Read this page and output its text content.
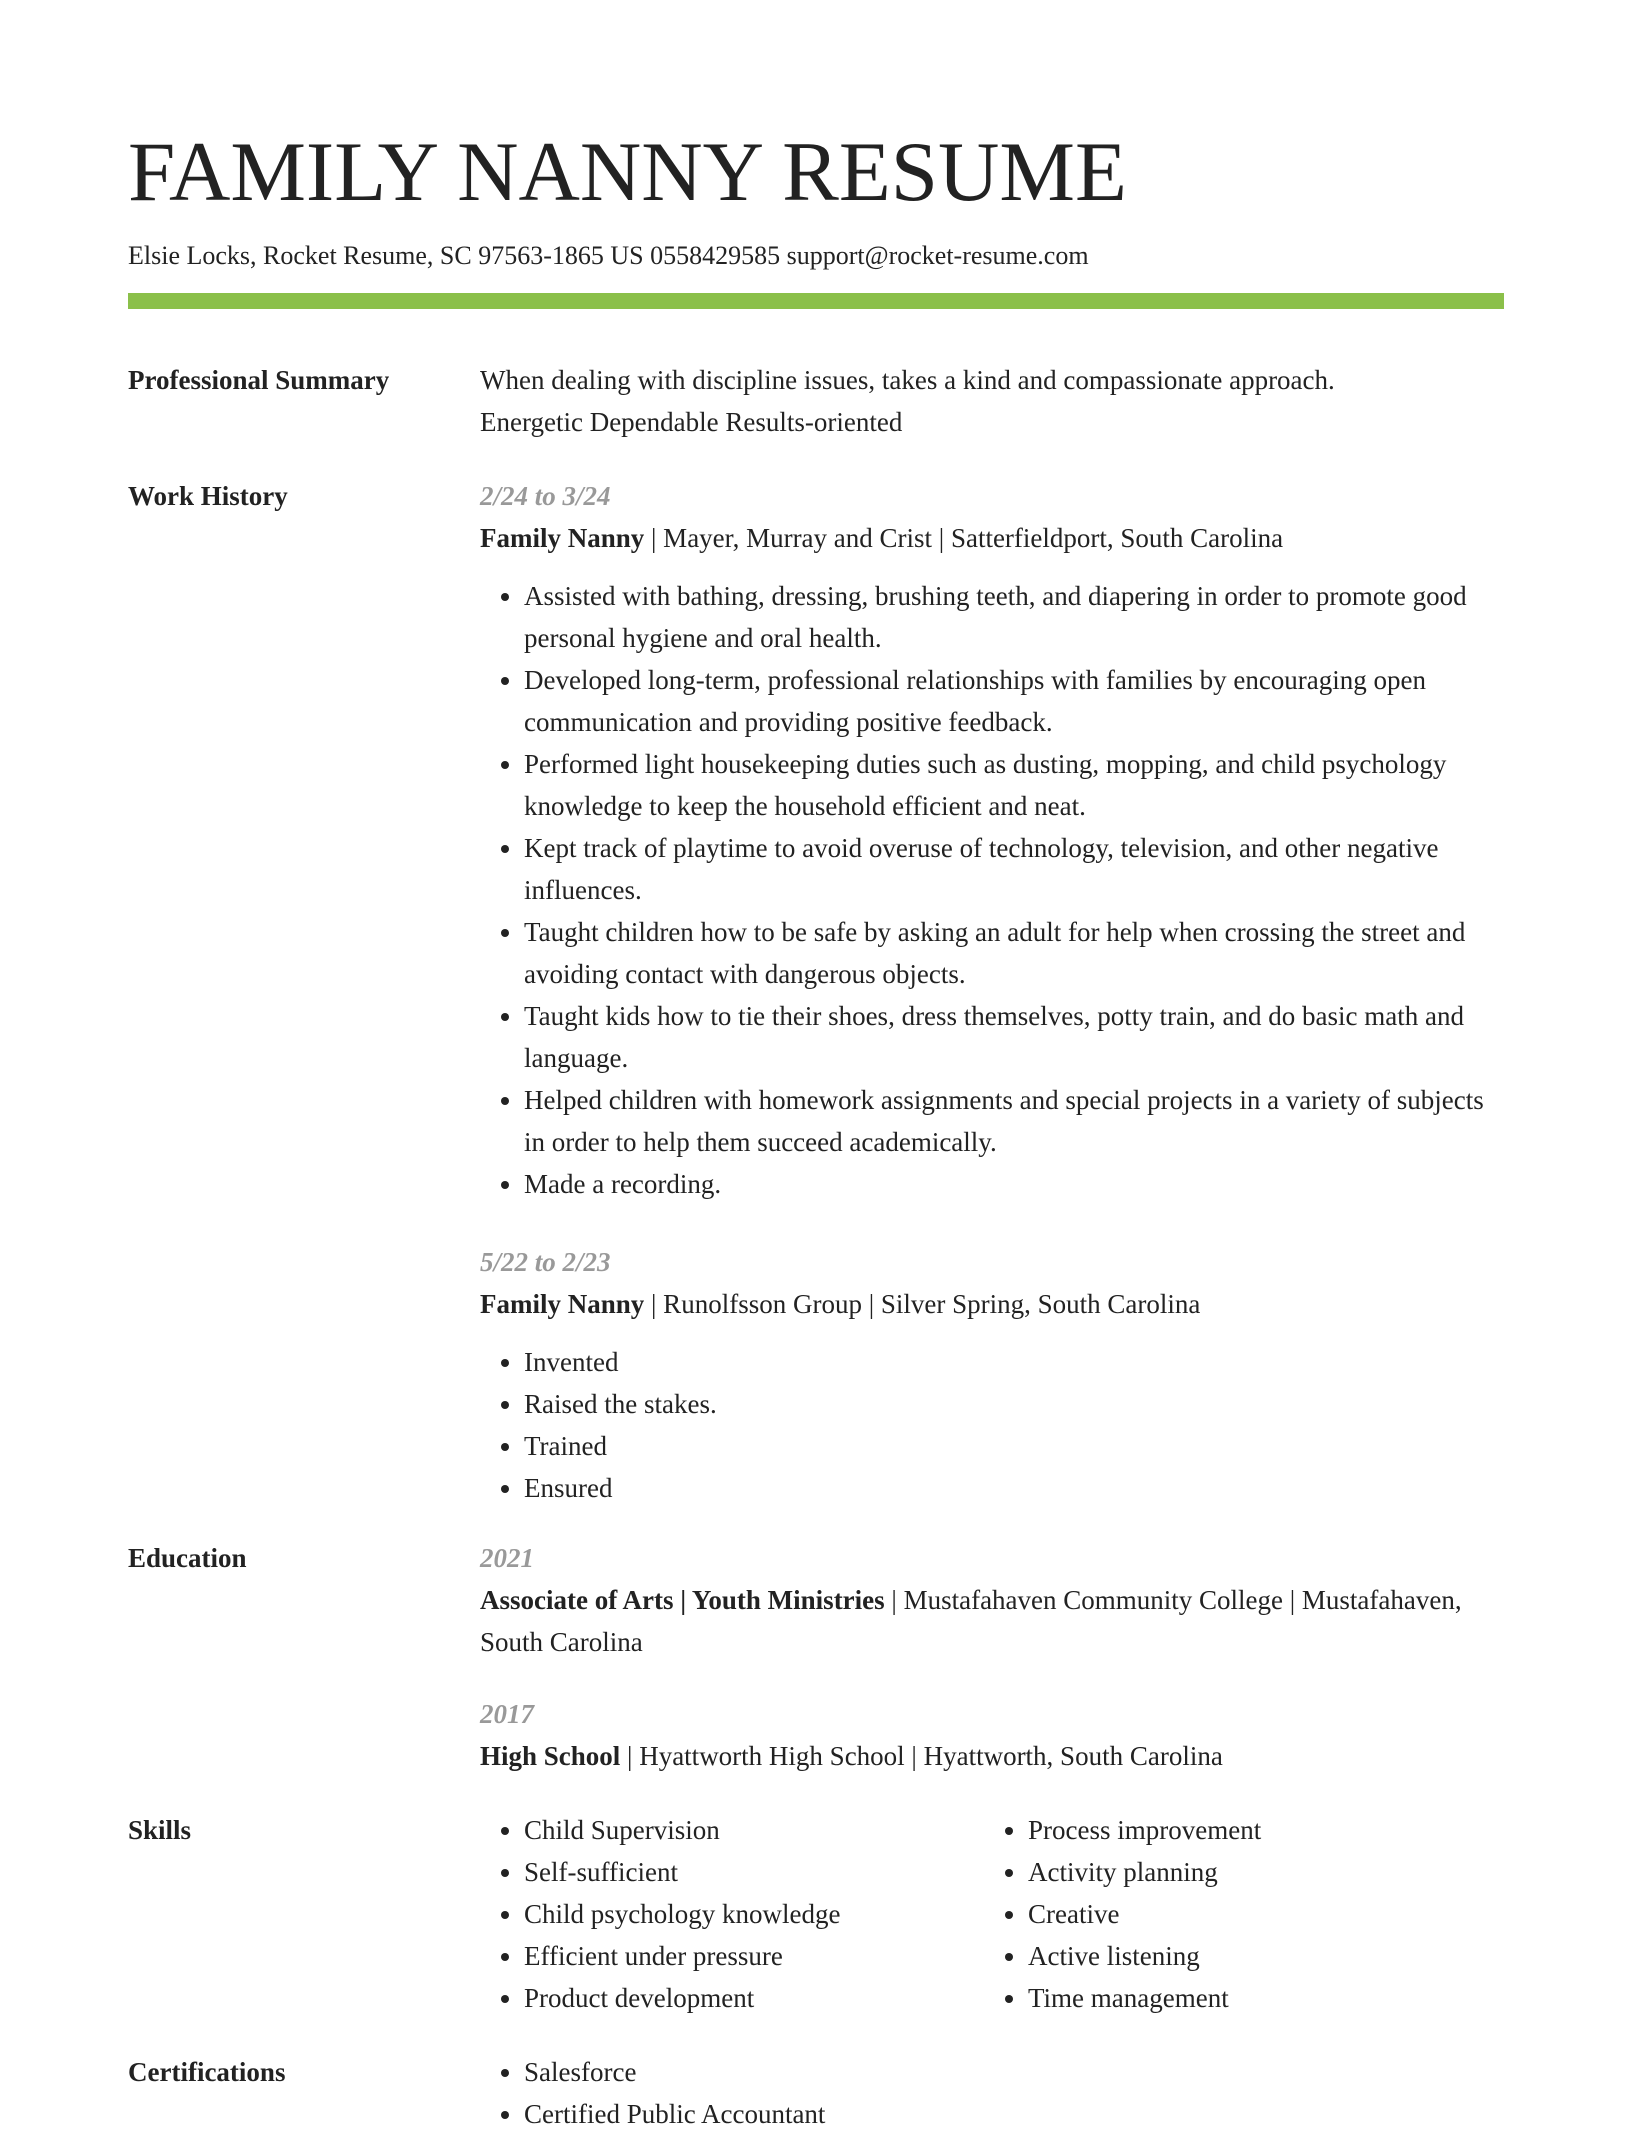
FAMILY NANNY RESUME
Elsie Locks, Rocket Resume, SC 97563-1865 US 0558429585 support@rocket-resume.com
Professional Summary	When dealing with discipline issues, takes a kind and compassionate approach.
Energetic Dependable Results-oriented
Work History	2/24 to 3/24
Family Nanny | Mayer, Murray and Crist | Satterfieldport, South Carolina
• Assisted with bathing, dressing, brushing teeth, and diapering in order to promote good personal hygiene and oral health.
• Developed long-term, professional relationships with families by encouraging open communication and providing positive feedback.
• Performed light housekeeping duties such as dusting, mopping, and child psychology knowledge to keep the household efficient and neat.
• Kept track of playtime to avoid overuse of technology, television, and other negative influences.
• Taught children how to be safe by asking an adult for help when crossing the street and avoiding contact with dangerous objects.
• Taught kids how to tie their shoes, dress themselves, potty train, and do basic math and language.
• Helped children with homework assignments and special projects in a variety of subjects in order to help them succeed academically.
• Made a recording.
5/22 to 2/23
Family Nanny | Runolfsson Group | Silver Spring, South Carolina
• Invented
• Raised the stakes.
• Trained
• Ensured
Education	2021
Associate of Arts | Youth Ministries | Mustafahaven Community College | Mustafahaven, South Carolina
2017
High School | Hyattworth High School | Hyattworth, South Carolina
Skills	• Child Supervision
• Self-sufficient
• Child psychology knowledge
• Efficient under pressure
• Product development
• Process improvement
• Activity planning
• Creative
• Active listening
• Time management
Certifications	• Salesforce
• Certified Public Accountant
